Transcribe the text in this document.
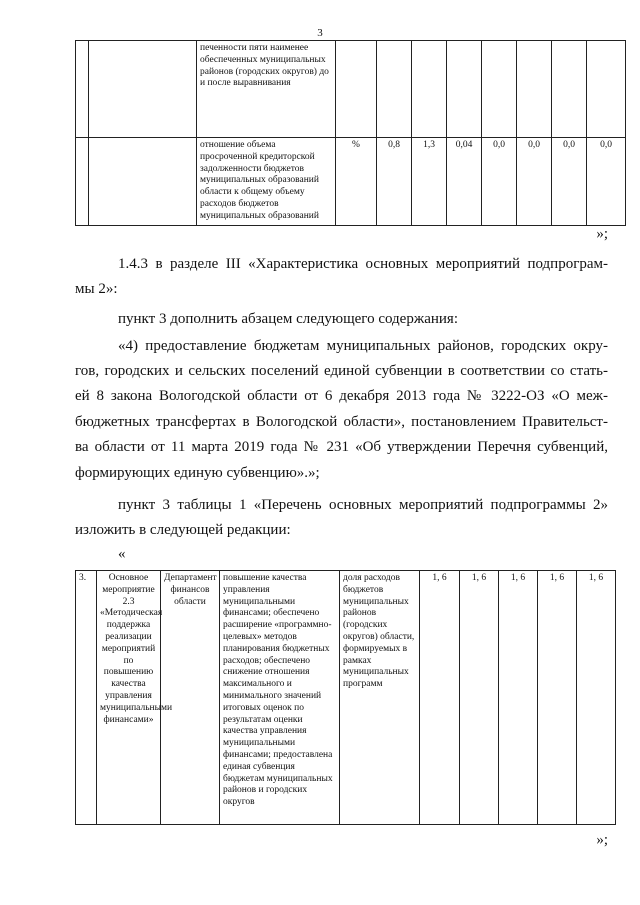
3
		печенности пяти наименее обеспеченных муниципальных районов (городских округов) до и после выравнивания								
		отношение объема просроченной кредиторской задолженности бюджетов муниципальных образований области к общему объему расходов бюджетов муниципальных образований	%	0,8	1,3	0,04	0,0	0,0	0,0	0,0
»;
1.4.3 в разделе III «Характеристика основных мероприятий подпрограм-
мы 2»:
пункт 3 дополнить абзацем следующего содержания:
«4) предоставление бюджетам муниципальных районов, городских окру-
гов, городских и сельских поселений единой субвенции в соответствии со стать-
ей 8 закона Вологодской области от 6 декабря 2013 года № 3222-ОЗ «О меж-
бюджетных трансфертах в Вологодской области», постановлением Правительст-
ва области от 11 марта 2019 года № 231 «Об утверждении Перечня субвенций,
формирующих единую субвенцию».»;
пункт 3 таблицы 1 «Перечень основных мероприятий подпрограммы 2»
изложить в следующей редакции:
«
3.	Основное мероприятие 2.3 «Методическая поддержка реализации мероприятий по повышению качества управления муниципальными финансами»	Департамент финансов области	повышение качества управления муниципальными финансами; обеспечено расширение «программно-целевых» методов планирования бюджетных расходов; обеспечено снижение отношения максимального и минимального значений итоговых оценок по результатам оценки качества управления муниципальными финансами; предоставлена единая субвенция бюджетам муниципальных районов и городских округов	доля расходов бюджетов муниципальных районов (городских округов) области, формируемых в рамках муниципальных программ	1, 6	1, 6	1, 6	1, 6	1, 6
»;
